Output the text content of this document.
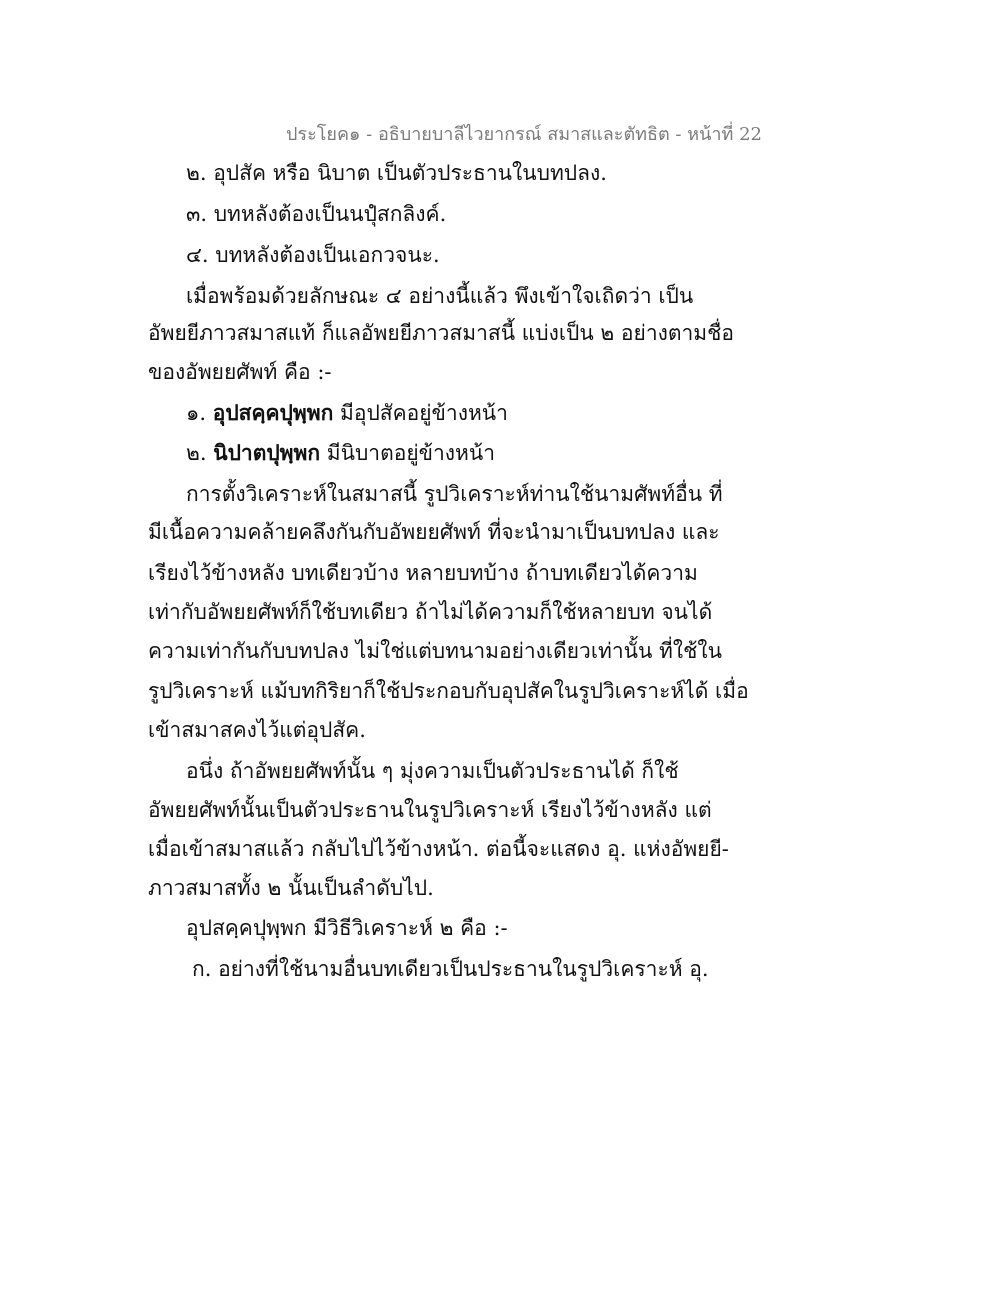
ประโยค๑ - อธิบายบาลีไวยากรณ์ สมาสและตัทธิต - หน้าที่ 22
๒. อุปสัค หรือ นิบาต เป็นตัวประธานในบทปลง.
๓. บทหลังต้องเป็นนปุํสกลิงค์.
๔. บทหลังต้องเป็นเอกวจนะ.
เมื่อพร้อมด้วยลักษณะ ๔ อย่างนี้แล้ว พึงเข้าใจเถิดว่า เป็น
อัพยยีภาวสมาสแท้ ก็แลอัพยยีภาวสมาสนี้ แบ่งเป็น ๒ อย่างตามชื่อ
ของอัพยยศัพท์ คือ :-
๑. อุปสคฺคปุพฺพก มีอุปสัคอยู่ข้างหน้า
๒. นิปาตปุพฺพก มีนิบาตอยู่ข้างหน้า
การตั้งวิเคราะห์ในสมาสนี้ รูปวิเคราะห์ท่านใช้นามศัพท์อื่น ที่
มีเนื้อความคล้ายคลึงกันกับอัพยยศัพท์ ที่จะนำมาเป็นบทปลง และ
เรียงไว้ข้างหลัง บทเดียวบ้าง หลายบทบ้าง ถ้าบทเดียวได้ความ
เท่ากับอัพยยศัพท์ก็ใช้บทเดียว ถ้าไม่ได้ความก็ใช้หลายบท จนได้
ความเท่ากันกับบทปลง ไม่ใช่แต่บทนามอย่างเดียวเท่านั้น ที่ใช้ใน
รูปวิเคราะห์ แม้บทกิริยาก็ใช้ประกอบกับอุปสัคในรูปวิเคราะห์ได้ เมื่อ
เข้าสมาสคงไว้แต่อุปสัค.
อนึ่ง ถ้าอัพยยศัพท์นั้น ๆ มุ่งความเป็นตัวประธานได้ ก็ใช้
อัพยยศัพท์นั้นเป็นตัวประธานในรูปวิเคราะห์ เรียงไว้ข้างหลัง แต่
เมื่อเข้าสมาสแล้ว กลับไปไว้ข้างหน้า. ต่อนี้จะแสดง อุ. แห่งอัพยยี-
ภาวสมาสทั้ง ๒ นั้นเป็นลำดับไป.
อุปสคฺคปุพฺพก มีวิธีวิเคราะห์ ๒ คือ :-
ก. อย่างที่ใช้นามอื่นบทเดียวเป็นประธานในรูปวิเคราะห์ อุ.
